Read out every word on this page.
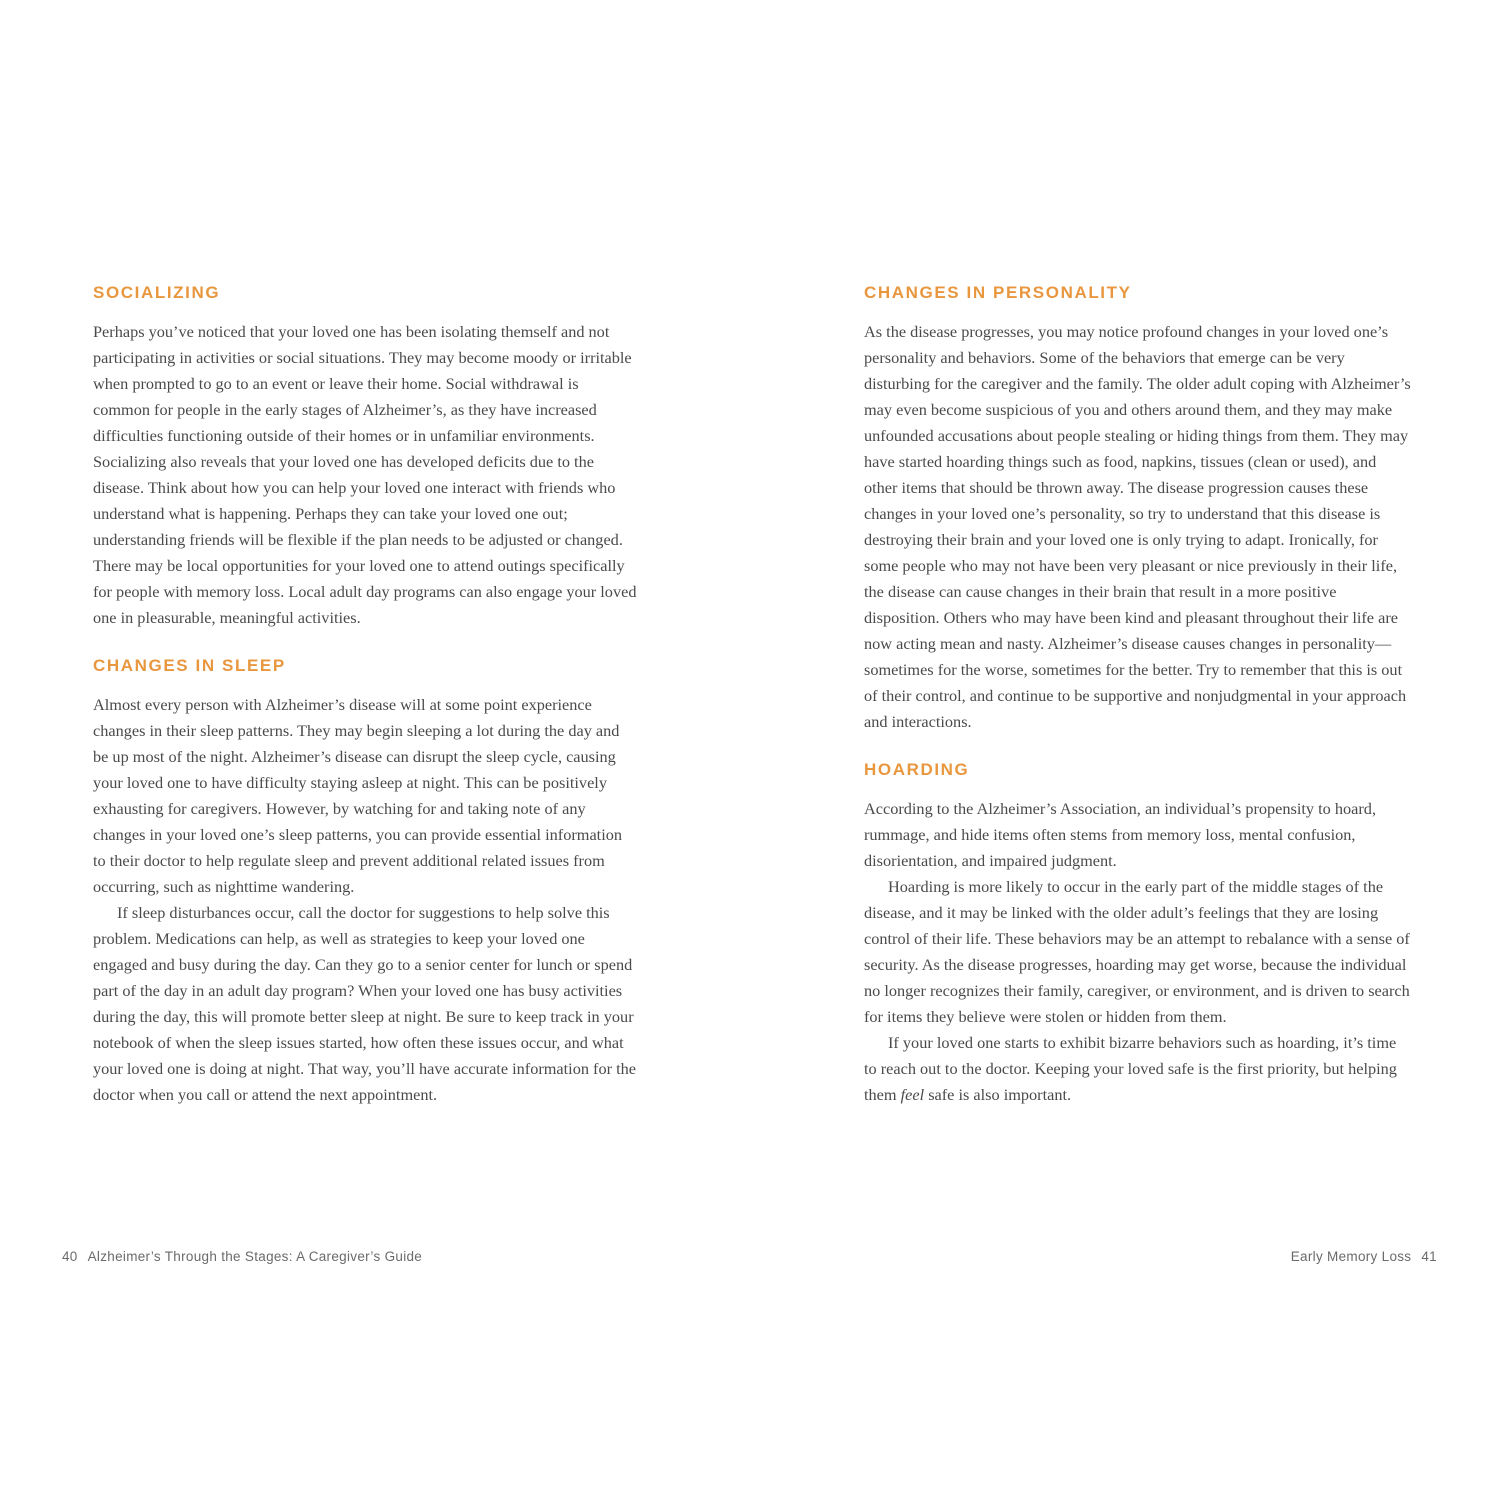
SOCIALIZING

Perhaps you’ve noticed that your loved one has been isolating themself and not participating in activities or social situations. They may become moody or irritable when prompted to go to an event or leave their home. Social withdrawal is common for people in the early stages of Alzheimer’s, as they have increased difficulties functioning outside of their homes or in unfamiliar environments. Socializing also reveals that your loved one has developed deficits due to the disease. Think about how you can help your loved one interact with friends who understand what is happening. Perhaps they can take your loved one out; understanding friends will be flexible if the plan needs to be adjusted or changed. There may be local opportunities for your loved one to attend outings specifically for people with memory loss. Local adult day programs can also engage your loved one in pleasurable, meaningful activities.

CHANGES IN SLEEP

Almost every person with Alzheimer’s disease will at some point experience changes in their sleep patterns. They may begin sleeping a lot during the day and be up most of the night. Alzheimer’s disease can disrupt the sleep cycle, causing your loved one to have difficulty staying asleep at night. This can be positively exhausting for caregivers. However, by watching for and taking note of any changes in your loved one’s sleep patterns, you can provide essential information to their doctor to help regulate sleep and prevent additional related issues from occurring, such as nighttime wandering.

If sleep disturbances occur, call the doctor for suggestions to help solve this problem. Medications can help, as well as strategies to keep your loved one engaged and busy during the day. Can they go to a senior center for lunch or spend part of the day in an adult day program? When your loved one has busy activities during the day, this will promote better sleep at night. Be sure to keep track in your notebook of when the sleep issues started, how often these issues occur, and what your loved one is doing at night. That way, you’ll have accurate information for the doctor when you call or attend the next appointment.

40 Alzheimer’s Through the Stages: A Caregiver’s Guide
CHANGES IN PERSONALITY

As the disease progresses, you may notice profound changes in your loved one’s personality and behaviors. Some of the behaviors that emerge can be very disturbing for the caregiver and the family. The older adult coping with Alzheimer’s may even become suspicious of you and others around them, and they may make unfounded accusations about people stealing or hiding things from them. They may have started hoarding things such as food, napkins, tissues (clean or used), and other items that should be thrown away. The disease progression causes these changes in your loved one’s personality, so try to understand that this disease is destroying their brain and your loved one is only trying to adapt. Ironically, for some people who may not have been very pleasant or nice previously in their life, the disease can cause changes in their brain that result in a more positive disposition. Others who may have been kind and pleasant throughout their life are now acting mean and nasty. Alzheimer’s disease causes changes in personality—sometimes for the worse, sometimes for the better. Try to remember that this is out of their control, and continue to be supportive and nonjudgmental in your approach and interactions.

HOARDING

According to the Alzheimer’s Association, an individual’s propensity to hoard, rummage, and hide items often stems from memory loss, mental confusion, disorientation, and impaired judgment.

Hoarding is more likely to occur in the early part of the middle stages of the disease, and it may be linked with the older adult’s feelings that they are losing control of their life. These behaviors may be an attempt to rebalance with a sense of security. As the disease progresses, hoarding may get worse, because the individual no longer recognizes their family, caregiver, or environment, and is driven to search for items they believe were stolen or hidden from them.

If your loved one starts to exhibit bizarre behaviors such as hoarding, it’s time to reach out to the doctor. Keeping your loved safe is the first priority, but helping them feel safe is also important.

Early Memory Loss 41
